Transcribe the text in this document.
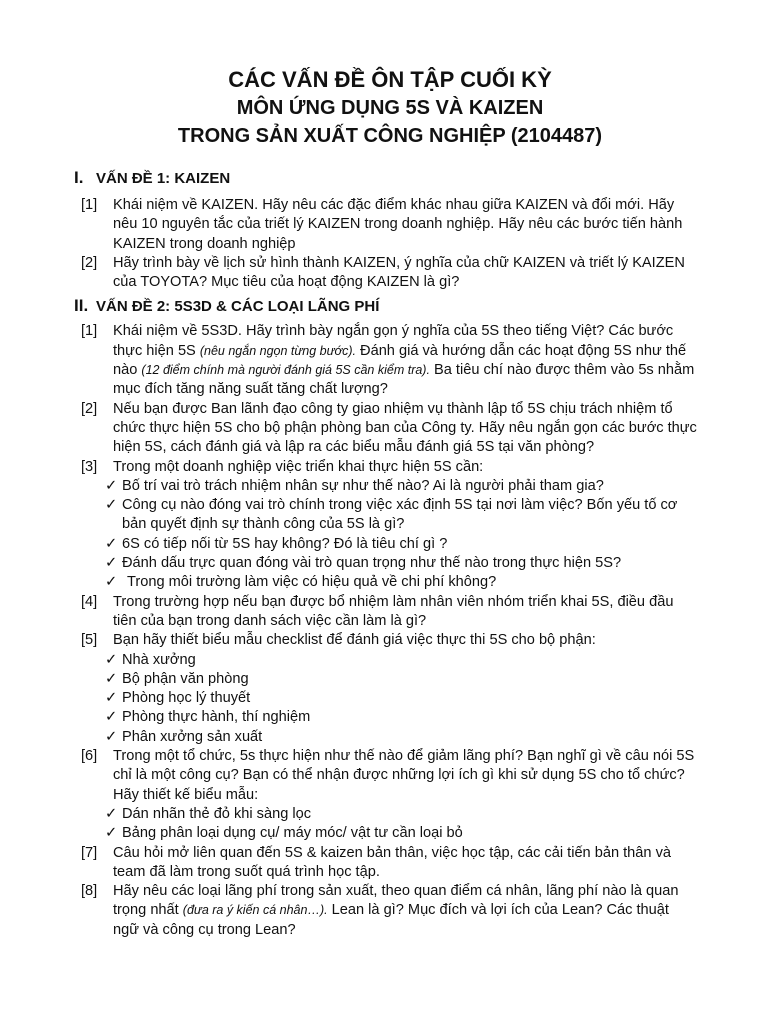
CÁC VẤN ĐỀ ÔN TẬP CUỐI KỲ
MÔN ỨNG DỤNG 5S VÀ KAIZEN
TRONG SẢN XUẤT CÔNG NGHIỆP (2104487)
I. VẤN ĐỀ 1: KAIZEN
[1]	Khái niệm về KAIZEN. Hãy nêu các đặc điểm khác nhau giữa KAIZEN và đổi mới. Hãy nêu 10 nguyên tắc của triết lý KAIZEN trong doanh nghiệp. Hãy nêu các bước tiến hành KAIZEN trong doanh nghiệp
[2]	Hãy trình bày về lịch sử hình thành KAIZEN, ý nghĩa của chữ KAIZEN và triết lý KAIZEN của TOYOTA? Mục tiêu của hoạt động KAIZEN là gì?
II. VẤN ĐỀ 2: 5S3D & CÁC LOẠI LÃNG PHÍ
[1]	Khái niệm về 5S3D. Hãy trình bày ngắn gọn ý nghĩa của 5S theo tiếng Việt? Các bước thực hiện 5S (nêu ngắn ngọn từng bước). Đánh giá và hướng dẫn các hoạt động 5S như thế nào (12 điểm chính mà người đánh giá 5S cần kiểm tra). Ba tiêu chí nào được thêm vào 5s nhằm mục đích tăng năng suất tăng chất lượng?
[2]	Nếu bạn được Ban lãnh đạo công ty giao nhiệm vụ thành lập tổ 5S chịu trách nhiệm tổ chức thực hiện 5S cho bộ phận phòng ban của Công ty. Hãy nêu ngắn gọn các bước thực hiện 5S, cách đánh giá và lập ra các biểu mẫu đánh giá 5S tại văn phòng?
[3]	Trong một doanh nghiệp việc triển khai thực hiện 5S cần:
✓ Bố trí vai trò trách nhiệm nhân sự như thế nào? Ai là người phải tham gia?
✓ Công cụ nào đóng vai trò chính trong việc xác định 5S tại nơi làm việc? Bốn yếu tố cơ bản quyết định sự thành công của 5S là gì?
✓ 6S có tiếp nối từ 5S hay không? Đó là tiêu chí gì ?
✓ Đánh dấu trực quan đóng vài trò quan trọng như thế nào trong thực hiện 5S?
✓ Trong môi trường làm việc có hiệu quả về chi phí không?
[4]	Trong trường hợp nếu bạn được bổ nhiệm làm nhân viên nhóm triển khai 5S, điều đầu tiên của bạn trong danh sách việc cần làm là gì?
[5]	Bạn hãy thiết biểu mẫu checklist để đánh giá việc thực thi 5S cho bộ phận:
✓ Nhà xưởng
✓ Bộ phận văn phòng
✓ Phòng học lý thuyết
✓ Phòng thực hành, thí nghiệm
✓ Phân xưởng sản xuất
[6]	Trong một tổ chức, 5s thực hiện như thế nào để giảm lãng phí? Bạn nghĩ gì về câu nói 5S chỉ là một công cụ? Bạn có thể nhận được những lợi ích gì khi sử dụng 5S cho tổ chức? Hãy thiết kế biểu mẫu:
✓ Dán nhãn thẻ đỏ khi sàng lọc
✓ Bảng phân loại dụng cụ/ máy móc/ vật tư cần loại bỏ
[7]	Câu hỏi mở liên quan đến 5S & kaizen bản thân, việc học tập, các cải tiến bản thân và team đã làm trong suốt quá trình học tập.
[8]	Hãy nêu các loại lãng phí trong sản xuất, theo quan điểm cá nhân, lãng phí nào là quan trọng nhất (đưa ra ý kiến cá nhân…). Lean là gì? Mục đích và lợi ích của Lean? Các thuật ngữ và công cụ trong Lean?
